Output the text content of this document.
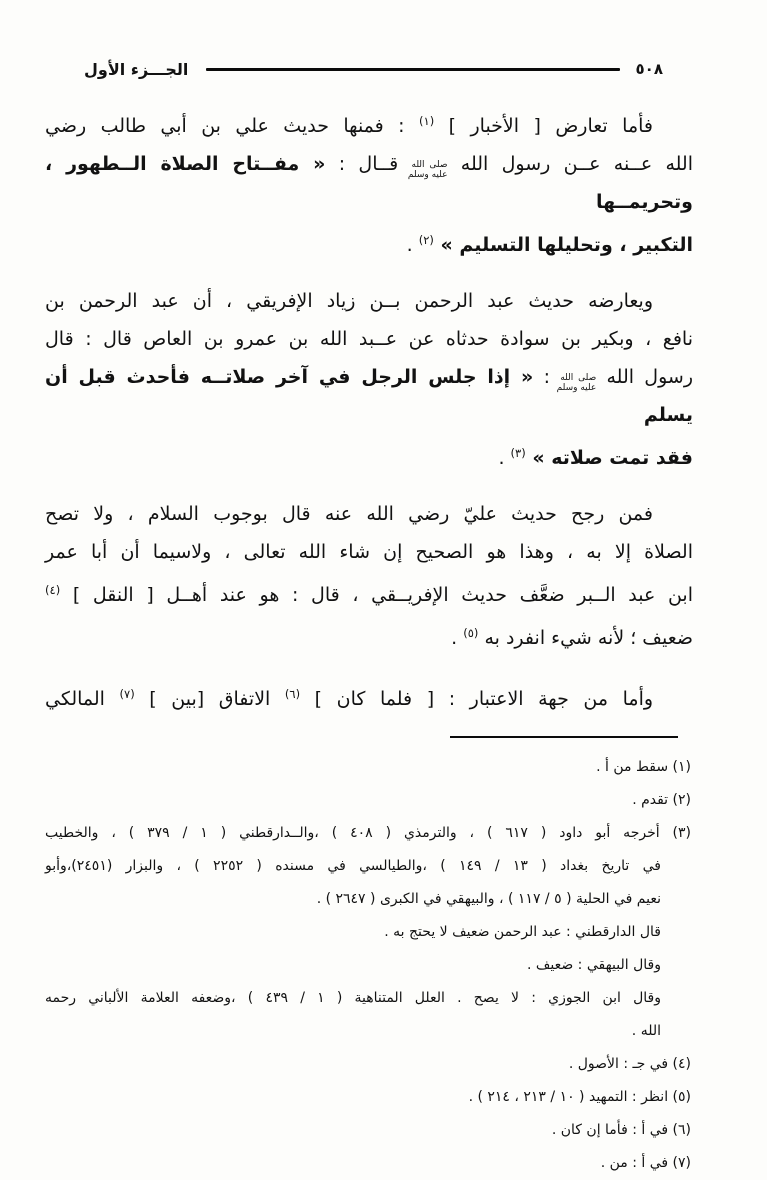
٥٠٨
الجـــزء الأول
فأما تعارض [ الأخبار ] $^{(١)}$ : فمنها حديث علي بن أبي طالب رضي
الله عــنه عــن رسول الله
صلى الله
عليه وسلم
قــال : « مفــتاح الصلاة الــطهور ، وتحريمــها
التكبير ، وتحليلها التسليم » $^{(٢)}$ .
ويعارضه حديث عبد الرحمن بــن زياد الإفريقي ، أن عبد الرحمن بن
نافع ، وبكير بن سوادة حدثاه عن عــبد الله بن عمرو بن العاص قال : قال
رسول الله
صلى الله
عليه وسلم
: « إذا جلس الرجل في آخر صلاتــه فأحدث قبل أن يسلم
فقد تمت صلاته » $^{(٣)}$ .
فمن رجح حديث عليّ رضي الله عنه قال بوجوب السلام ، ولا تصح
الصلاة إلا به ، وهذا هو الصحيح إن شاء الله تعالى ، ولاسيما أن أبا عمر
ابن عبد الــبر ضعَّف حديث الإفريــقي ، قال : هو عند أهــل [ النقل ] $^{(٤)}$
ضعيف ؛ لأنه شيء انفرد به $^{(٥)}$ .
وأما من جهة الاعتبار : [ فلما كان ] $^{(٦)}$ الاتفاق [بين ] $^{(٧)}$ المالكي
(١) سقط من أ .
(٢) تقدم .
(٣) أخرجه أبو داود ( ٦١٧ ) ، والترمذي ( ٤٠٨ ) ،والــدارقطني ( ١ / ٣٧٩ ) ، والخطيب
في تاريخ بغداد ( ١٣ / ١٤٩ ) ،والطيالسي في مسنده ( ٢٢٥٢ ) ، والبزار (٢٤٥١)،وأبو
نعيم في الحلية ( ٥ / ١١٧ ) ، والبيهقي في الكبرى ( ٢٦٤٧ ) .
قال الدارقطني : عبد الرحمن ضعيف لا يحتج به .
وقال البيهقي : ضعيف .
وقال ابن الجوزي : لا يصح . العلل المتناهية ( ١ / ٤٣٩ ) ،وضعفه العلامة الألباني رحمه
الله .
(٤) في جـ : الأصول .
(٥) انظر : التمهيد ( ١٠ / ٢١٣ ، ٢١٤ ) .
(٦) في أ : فأما إن كان .
(٧) في أ : من .
